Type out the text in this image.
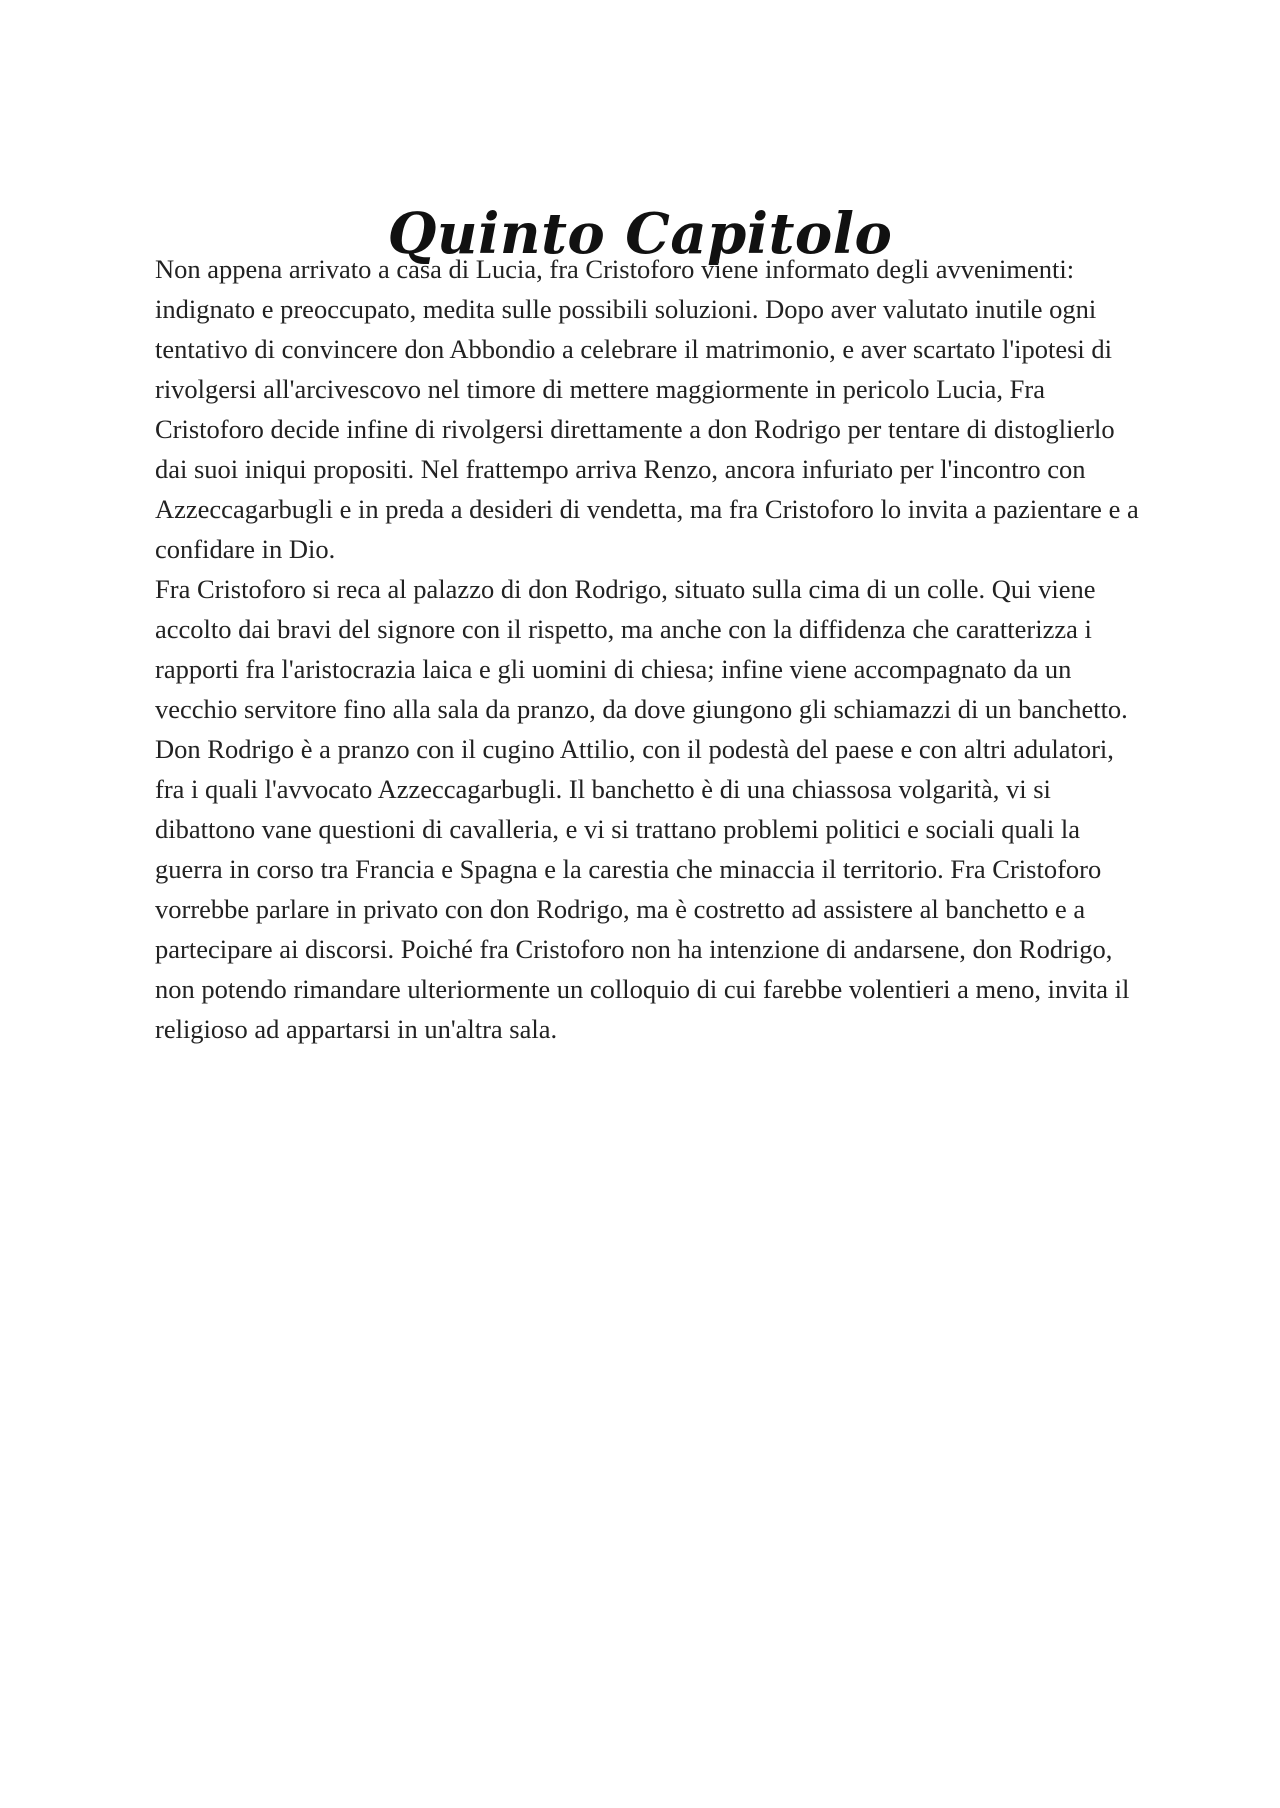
Quinto Capitolo

Non appena arrivato a casa di Lucia, fra Cristoforo viene informato degli avvenimenti: indignato e preoccupato, medita sulle possibili soluzioni. Dopo aver valutato inutile ogni tentativo di convincere don Abbondio a celebrare il matrimonio, e aver scartato l'ipotesi di rivolgersi all'arcivescovo nel timore di mettere maggiormente in pericolo Lucia, Fra Cristoforo decide infine di rivolgersi direttamente a don Rodrigo per tentare di distoglierlo dai suoi iniqui propositi. Nel frattempo arriva Renzo, ancora infuriato per l'incontro con Azzeccagarbugli e in preda a desideri di vendetta, ma fra Cristoforo lo invita a pazientare e a confidare in Dio.

Fra Cristoforo si reca al palazzo di don Rodrigo, situato sulla cima di un colle. Qui viene accolto dai bravi del signore con il rispetto, ma anche con la diffidenza che caratterizza i rapporti fra l'aristocrazia laica e gli uomini di chiesa; infine viene accompagnato da un vecchio servitore fino alla sala da pranzo, da dove giungono gli schiamazzi di un banchetto.

Don Rodrigo è a pranzo con il cugino Attilio, con il podestà del paese e con altri adulatori, fra i quali l'avvocato Azzeccagarbugli. Il banchetto è di una chiassosa volgarità, vi si dibattono vane questioni di cavalleria, e vi si trattano problemi politici e sociali quali la guerra in corso tra Francia e Spagna e la carestia che minaccia il territorio. Fra Cristoforo vorrebbe parlare in privato con don Rodrigo, ma è costretto ad assistere al banchetto e a partecipare ai discorsi. Poiché fra Cristoforo non ha intenzione di andarsene, don Rodrigo, non potendo rimandare ulteriormente un colloquio di cui farebbe volentieri a meno, invita il religioso ad appartarsi in un'altra sala.
